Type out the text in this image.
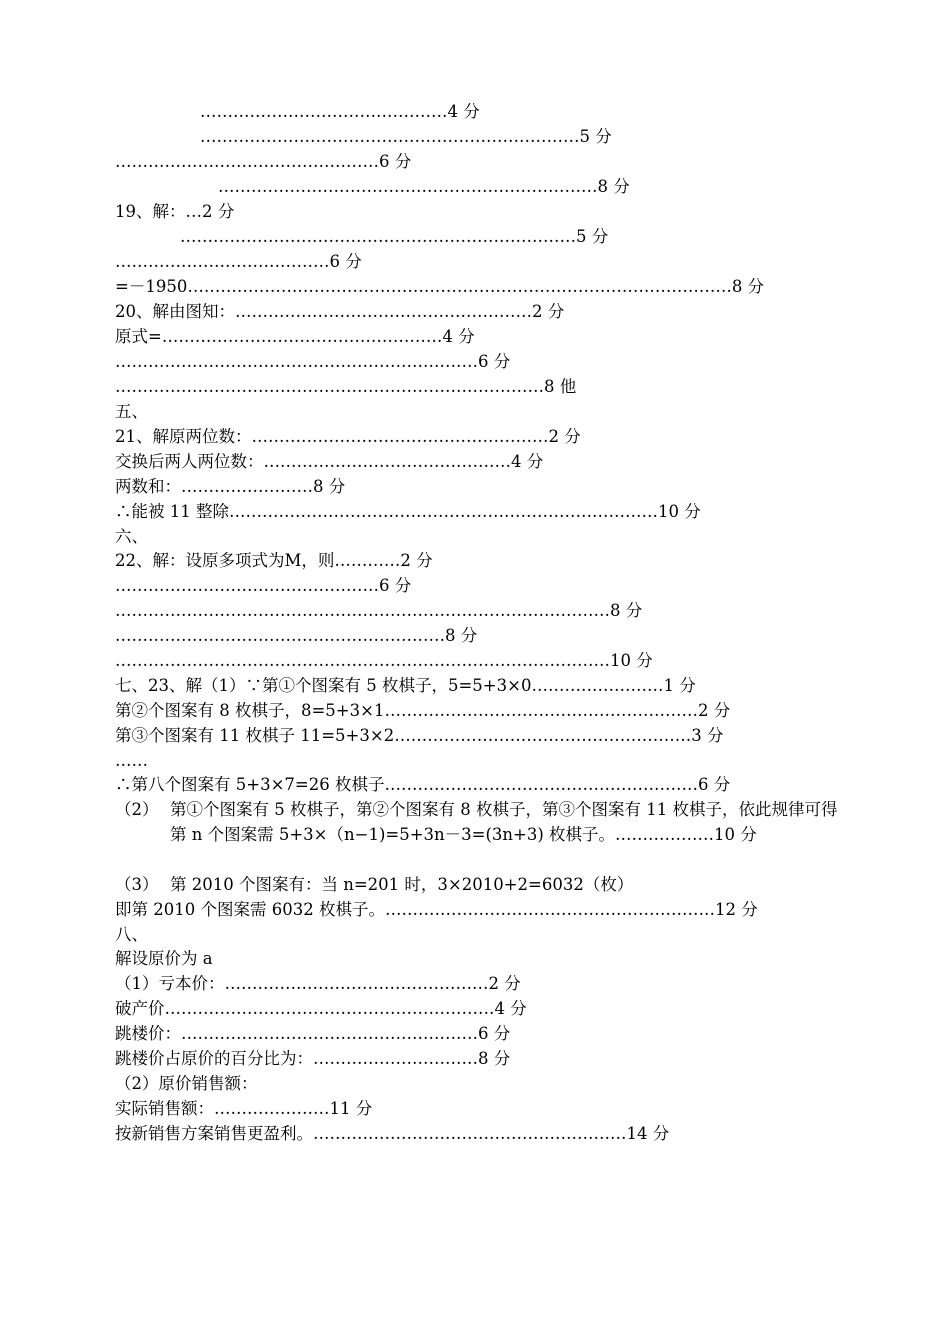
………………………………………4 分
……………………………………………………………5 分
…………………………………………6 分
……………………………………………………………8 分
19、解：…2 分
………………………………………………………………5 分
…………………………………6 分
=－1950………………………………………………………………………………………8 分
20、解由图知：………………………………………………2 分
原式=……………………………………………4 分
…………………………………………………………6 分
……………………………………………………………………8 他
五、
21、解原两位数：………………………………………………2 分
交换后两人两位数：………………………………………4 分
两数和：……………………8 分
∴能被 11 整除……………………………………………………………………10 分
六、
22、解：设原多项式为M，则…………2 分
…………………………………………6 分
………………………………………………………………………………8 分
……………………………………………………8 分
………………………………………………………………………………10 分
七、23、解（1）∵第①个图案有 5 枚棋子，5=5+3×0……………………1 分
第②个图案有 8 枚棋子，8=5+3×1…………………………………………………2 分
第③个图案有 11 枚棋子 11=5+3×2………………………………………………3 分
……
∴第八个图案有 5+3×7=26 枚棋子…………………………………………………6 分
（2） 第①个图案有 5 枚棋子，第②个图案有 8 枚棋子，第③个图案有 11 枚棋子，依此规律可得第 n 个图案需 5+3×（n−1)=5+3n－3=(3n+3) 枚棋子。………………10 分
（3） 第 2010 个图案有：当 n=201 时，3×2010+2=6032（枚）
即第 2010 个图案需 6032 枚棋子。……………………………………………………12 分
八、
解设原价为 a
（1）亏本价：…………………………………………2 分
破产价……………………………………………………4 分
跳楼价：………………………………………………6 分
跳楼价占原价的百分比为：…………………………8 分
（2）原价销售额：
实际销售额：…………………11 分
按新销售方案销售更盈利。…………………………………………………14 分
